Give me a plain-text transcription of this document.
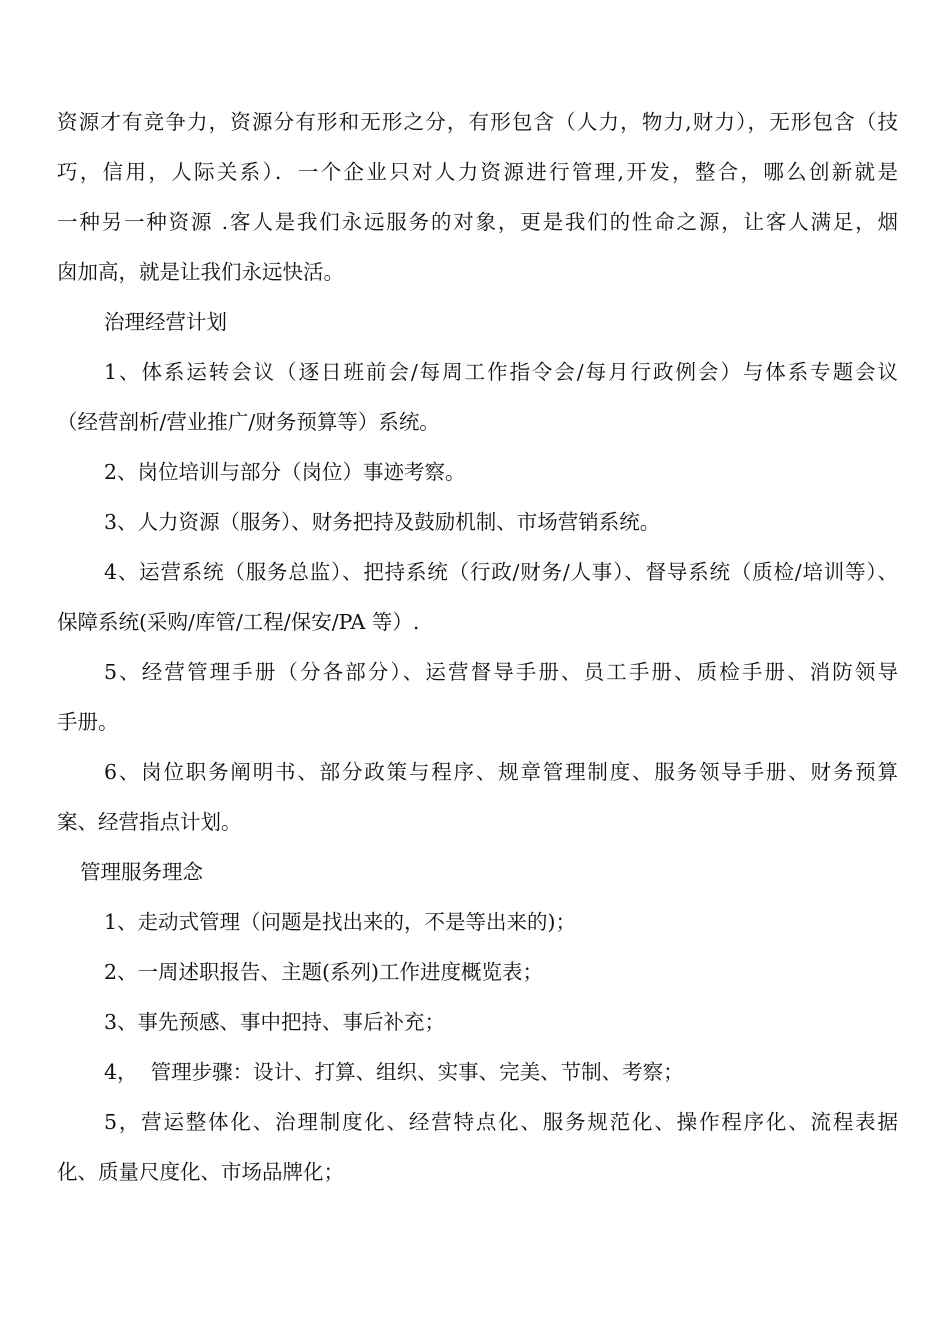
资源才有竞争力，资源分有形和无形之分，有形包含（人力，物力,财力），无形包含（技
巧，信用，人际关系）．一个企业只对人力资源进行管理,开发，整合，哪么创新就是
一种另一种资源 .客人是我们永远服务的对象，更是我们的性命之源，让客人满足，烟
囱加高，就是让我们永远快活。
治理经营计划
1、体系运转会议（逐日班前会/每周工作指令会/每月行政例会）与体系专题会议
（经营剖析/营业推广/财务预算等）系统。
2、岗位培训与部分（岗位）事迹考察。
3、人力资源（服务）、财务把持及鼓励机制、市场营销系统。
4、运营系统（服务总监）、把持系统（行政/财务/人事）、督导系统（质检/培训等）、
保障系统(采购/库管/工程/保安/PA 等）.
5、经营管理手册（分各部分）、运营督导手册、员工手册、质检手册、消防领导
手册。
6、岗位职务阐明书、部分政策与程序、规章管理制度、服务领导手册、财务预算
案、经营指点计划。
管理服务理念
1、走动式管理（问题是找出来的，不是等出来的)；
2、一周述职报告、主题(系列)工作进度概览表；
3、事先预感、事中把持、事后补充；
4，  管理步骤：设计、打算、组织、实事、完美、节制、考察；
5，营运整体化、治理制度化、经营特点化、服务规范化、操作程序化、流程表据
化、质量尺度化、市场品牌化；
